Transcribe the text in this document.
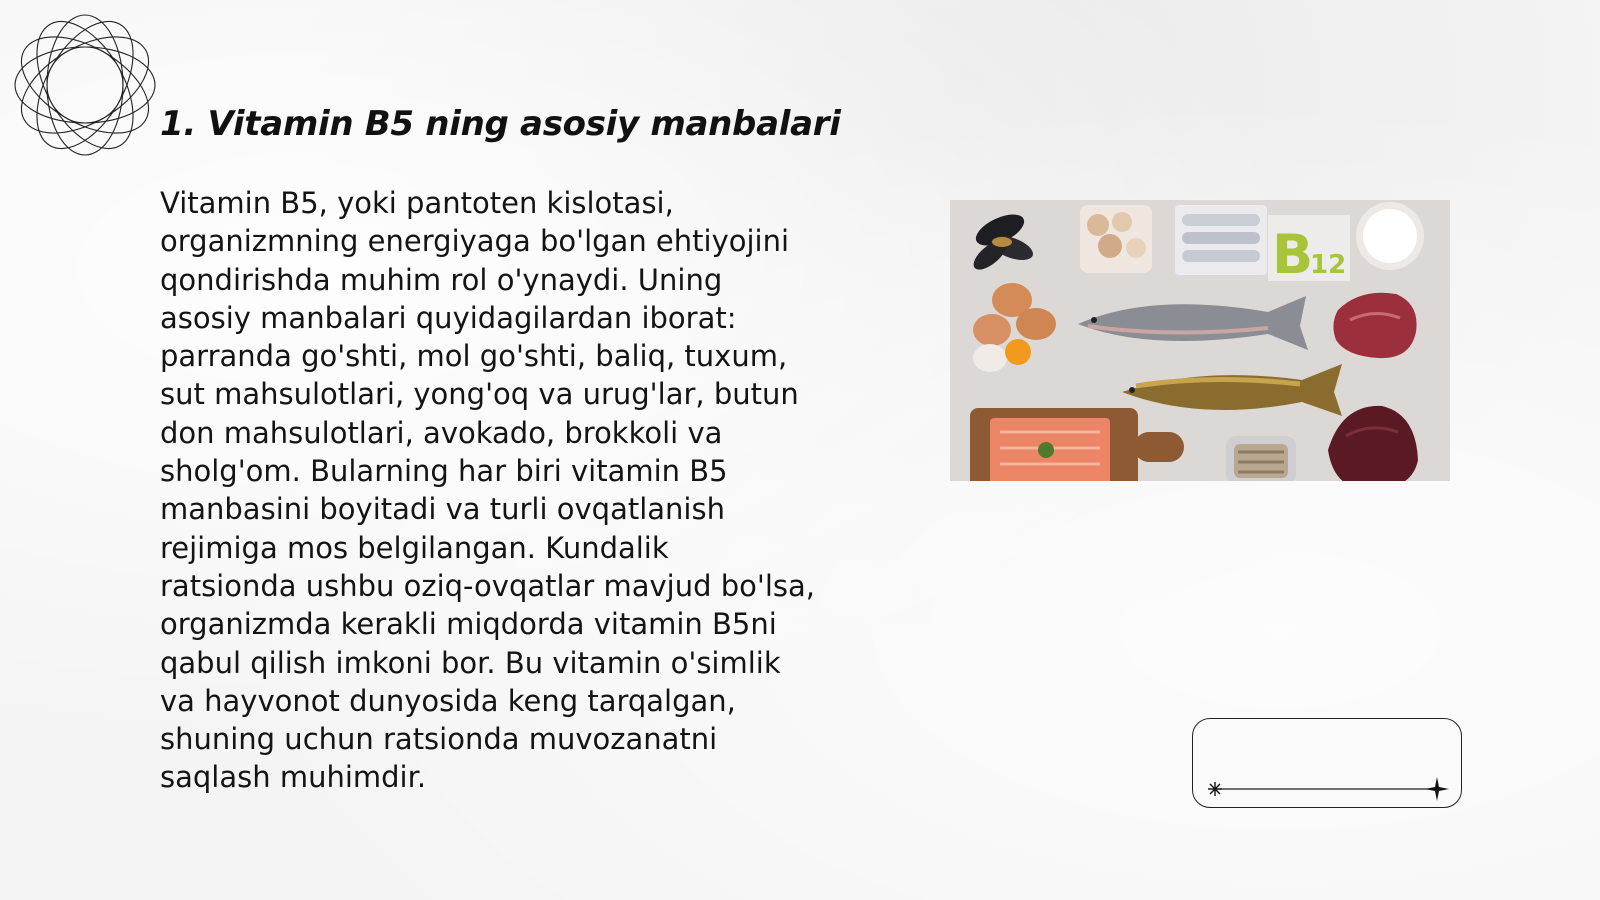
1. Vitamin B5 ning asosiy manbalari

Vitamin B5, yoki pantoten kislotasi,
organizmning energiyaga bo'lgan ehtiyojini
qondirishda muhim rol o'ynaydi. Uning
asosiy manbalari quyidagilardan iborat:
parranda go'shti, mol go'shti, baliq, tuxum,
sut mahsulotlari, yong'oq va urug'lar, butun
don mahsulotlari, avokado, brokkoli va
sholg'om. Bularning har biri vitamin B5
manbasini boyitadi va turli ovqatlanish
rejimiga mos belgilangan. Kundalik
ratsionda ushbu oziq-ovqatlar mavjud bo'lsa,
organizmda kerakli miqdorda vitamin B5ni
qabul qilish imkoni bor. Bu vitamin o'simlik
va hayvonot dunyosida keng tarqalgan,
shuning uchun ratsionda muvozanatni
saqlash muhimdir.

B
12
